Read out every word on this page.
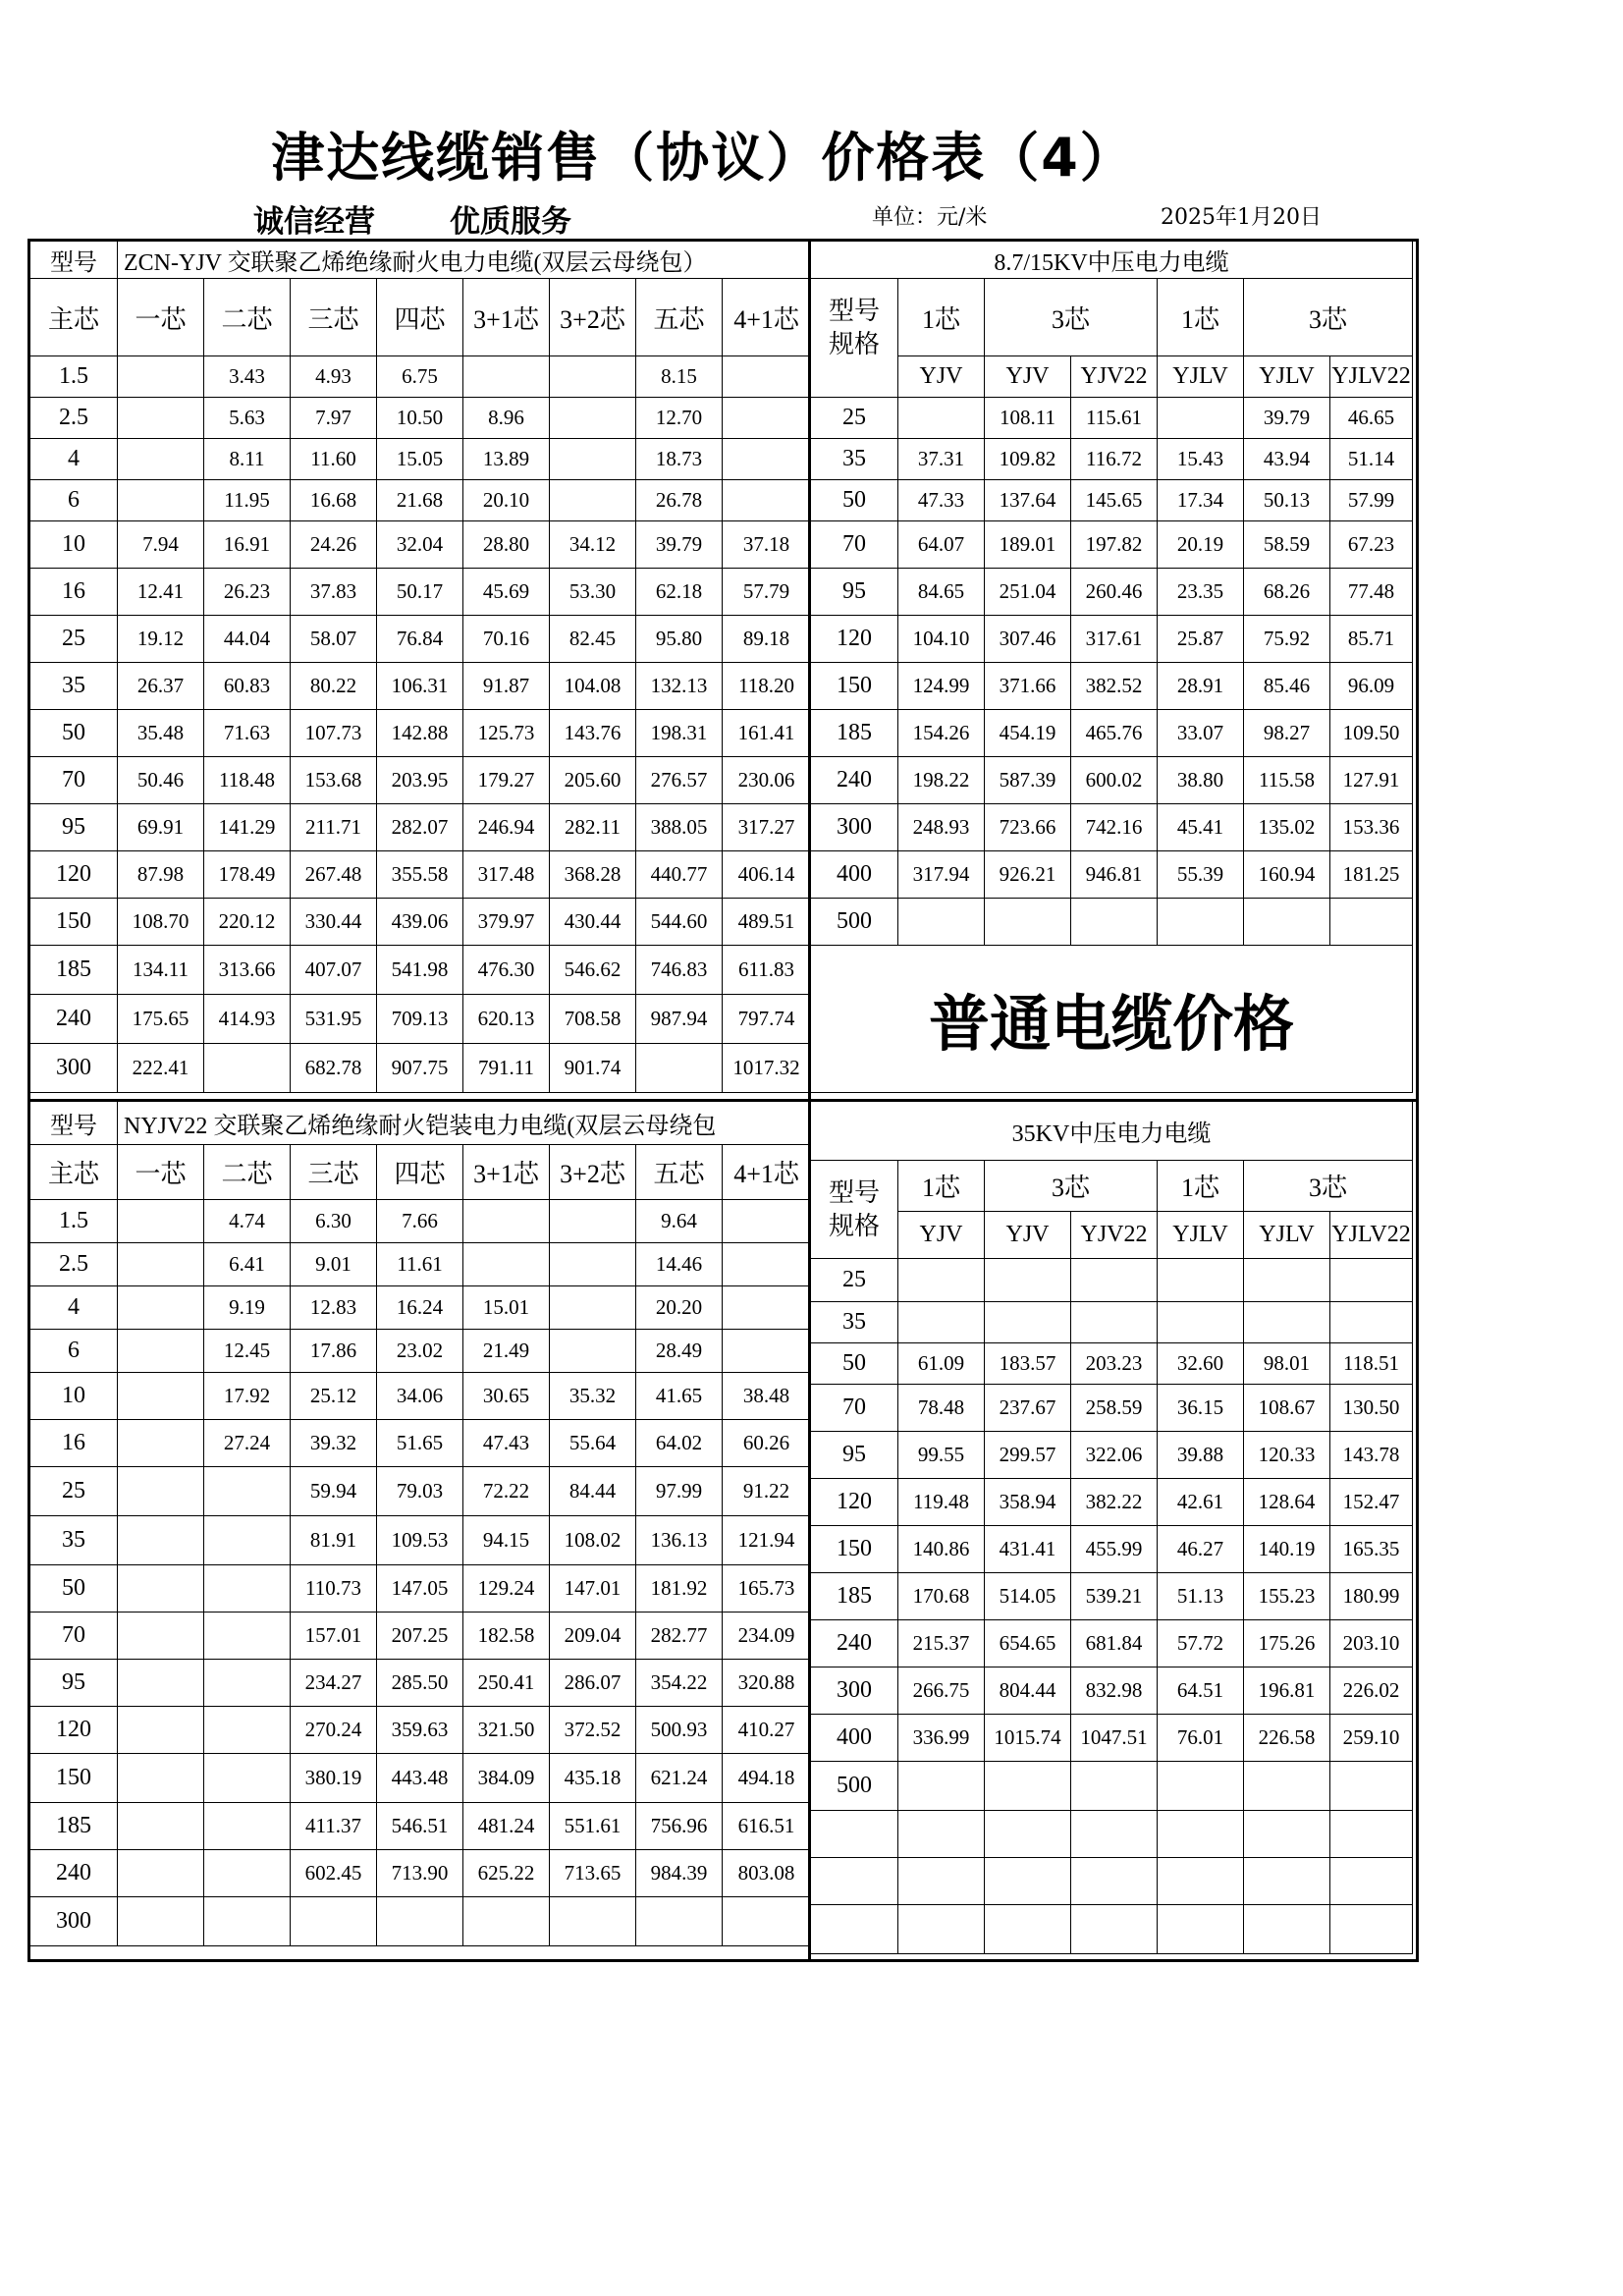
津达线缆销售（协议）价格表（4）
诚信经营 优质服务	单位：元/米	2025年1月20日
型号	ZCN-YJV 交联聚乙烯绝缘耐火电力电缆(双层云母绕包）							
主芯	一芯	二芯	三芯	四芯	3+1芯	3+2芯	五芯	4+1芯
1.5		3.43	4.93	6.75			8.15	
2.5		5.63	7.97	10.50	8.96		12.70	
4		8.11	11.60	15.05	13.89		18.73	
6		11.95	16.68	21.68	20.10		26.78	
10	7.94	16.91	24.26	32.04	28.80	34.12	39.79	37.18
16	12.41	26.23	37.83	50.17	45.69	53.30	62.18	57.79
25	19.12	44.04	58.07	76.84	70.16	82.45	95.80	89.18
35	26.37	60.83	80.22	106.31	91.87	104.08	132.13	118.20
50	35.48	71.63	107.73	142.88	125.73	143.76	198.31	161.41
70	50.46	118.48	153.68	203.95	179.27	205.60	276.57	230.06
95	69.91	141.29	211.71	282.07	246.94	282.11	388.05	317.27
120	87.98	178.49	267.48	355.58	317.48	368.28	440.77	406.14
150	108.70	220.12	330.44	439.06	379.97	430.44	544.60	489.51
185	134.11	313.66	407.07	541.98	476.30	546.62	746.83	611.83
240	175.65	414.93	531.95	709.13	620.13	708.58	987.94	797.74
300	222.41		682.78	907.75	791.11	901.74		1017.32
8.7/15KV中压电力电缆						

型号
规格	1芯	3芯		1芯	3芯	
	YJV	YJV	YJV22	YJLV	YJLV	YJLV22
25		108.11	115.61		39.79	46.65
35	37.31	109.82	116.72	15.43	43.94	51.14
50	47.33	137.64	145.65	17.34	50.13	57.99
70	64.07	189.01	197.82	20.19	58.59	67.23
95	84.65	251.04	260.46	23.35	68.26	77.48
120	104.10	307.46	317.61	25.87	75.92	85.71
150	124.99	371.66	382.52	28.91	85.46	96.09
185	154.26	454.19	465.76	33.07	98.27	109.50
240	198.22	587.39	600.02	38.80	115.58	127.91
300	248.93	723.66	742.16	45.41	135.02	153.36
400	317.94	926.21	946.81	55.39	160.94	181.25
500						
普通电缆价格						
型号	NYJV22 交联聚乙烯绝缘耐火铠装电力电缆(双层云母绕包							
主芯	一芯	二芯	三芯	四芯	3+1芯	3+2芯	五芯	4+1芯
1.5		4.74	6.30	7.66			9.64	
2.5		6.41	9.01	11.61			14.46	
4		9.19	12.83	16.24	15.01		20.20	
6		12.45	17.86	23.02	21.49		28.49	
10		17.92	25.12	34.06	30.65	35.32	41.65	38.48
16		27.24	39.32	51.65	47.43	55.64	64.02	60.26
25			59.94	79.03	72.22	84.44	97.99	91.22
35			81.91	109.53	94.15	108.02	136.13	121.94
50			110.73	147.05	129.24	147.01	181.92	165.73
70			157.01	207.25	182.58	209.04	282.77	234.09
95			234.27	285.50	250.41	286.07	354.22	320.88
120			270.24	359.63	321.50	372.52	500.93	410.27
150			380.19	443.48	384.09	435.18	621.24	494.18
185			411.37	546.51	481.24	551.61	756.96	616.51
240			602.45	713.90	625.22	713.65	984.39	803.08
300								
35KV中压电力电缆						

型号
规格	1芯	3芯		1芯	3芯	
	YJV	YJV	YJV22	YJLV	YJLV	YJLV22
25						
35						
50	61.09	183.57	203.23	32.60	98.01	118.51
70	78.48	237.67	258.59	36.15	108.67	130.50
95	99.55	299.57	322.06	39.88	120.33	143.78
120	119.48	358.94	382.22	42.61	128.64	152.47
150	140.86	431.41	455.99	46.27	140.19	165.35
185	170.68	514.05	539.21	51.13	155.23	180.99
240	215.37	654.65	681.84	57.72	175.26	203.10
300	266.75	804.44	832.98	64.51	196.81	226.02
400	336.99	1015.74	1047.51	76.01	226.58	259.10
500						
